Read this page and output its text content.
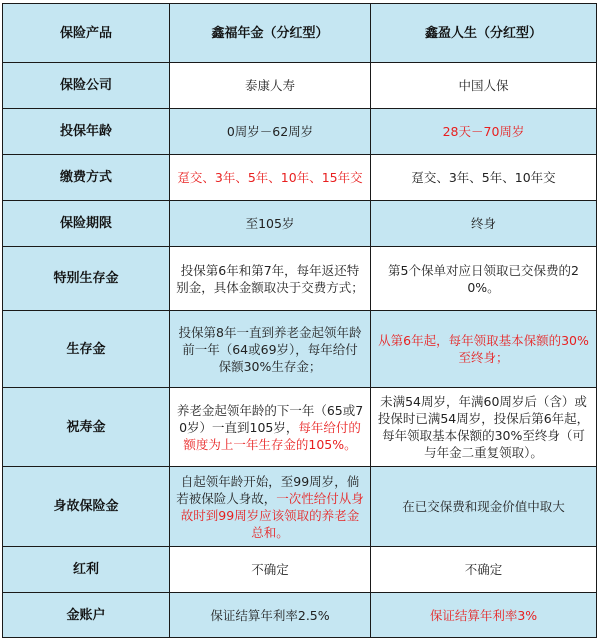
保险产品	鑫福年金（分红型）	鑫盈人生（分红型）
保险公司	泰康人寿	中国人保
投保年龄	0周岁－62周岁	28天－70周岁
缴费方式	趸交、3年、5年、10年、15年交	趸交、3年、5年、10年交
保险期限	至105岁	终身
特别生存金	投保第6年和第7年，每年返还特别金，具体金额取决于交费方式；	第5个保单对应日领取已交保费的20%。
生存金	投保第8年一直到养老金起领年龄前一年（64或69岁），每年给付保额30%生存金；	从第6年起，每年领取基本保额的30%至终身；
祝寿金	养老金起领年龄的下一年（65或70岁）一直到105岁，每年给付的额度为上一年生存金的105%。	未满54周岁，年满60周岁后（含）或投保时已满54周岁，投保后第6年起，每年领取基本保额的30%至终身（可与年金二重复领取）。
身故保险金	自起领年龄开始，至99周岁，倘若被保险人身故，一次性给付从身故时到99周岁应该领取的养老金总和。	在已交保费和现金价值中取大
红利	不确定	不确定
金账户	保证结算年利率2.5%	保证结算年利率3%
